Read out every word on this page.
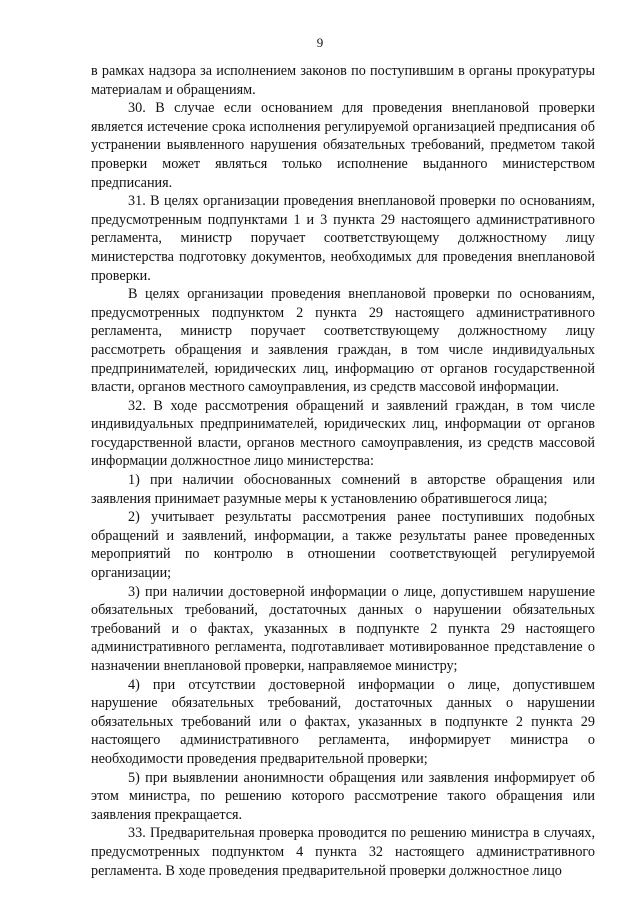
9

в рамках надзора за исполнением законов по поступившим в органы прокуратуры материалам и обращениям.

30. В случае если основанием для проведения внеплановой проверки является истечение срока исполнения регулируемой организацией предписания об устранении выявленного нарушения обязательных требований, предметом такой проверки может являться только исполнение выданного министерством предписания.

31. В целях организации проведения внеплановой проверки по основаниям, предусмотренным подпунктами 1 и 3 пункта 29 настоящего административного регламента, министр поручает соответствующему должностному лицу министерства подготовку документов, необходимых для проведения внеплановой проверки.

В целях организации проведения внеплановой проверки по основаниям, предусмотренных подпунктом 2 пункта 29 настоящего административного регламента, министр поручает соответствующему должностному лицу рассмотреть обращения и заявления граждан, в том числе индивидуальных предпринимателей, юридических лиц, информацию от органов государственной власти, органов местного самоуправления, из средств массовой информации.

32. В ходе рассмотрения обращений и заявлений граждан, в том числе индивидуальных предпринимателей, юридических лиц, информации от органов государственной власти, органов местного самоуправления, из средств массовой информации должностное лицо министерства:

1) при наличии обоснованных сомнений в авторстве обращения или заявления принимает разумные меры к установлению обратившегося лица;

2) учитывает результаты рассмотрения ранее поступивших подобных обращений и заявлений, информации, а также результаты ранее проведенных мероприятий по контролю в отношении соответствующей регулируемой организации;

3) при наличии достоверной информации о лице, допустившем нарушение обязательных требований, достаточных данных о нарушении обязательных требований и о фактах, указанных в подпункте 2 пункта 29 настоящего административного регламента, подготавливает мотивированное представление о назначении внеплановой проверки, направляемое министру;

4) при отсутствии достоверной информации о лице, допустившем нарушение обязательных требований, достаточных данных о нарушении обязательных требований или о фактах, указанных в подпункте 2 пункта 29 настоящего административного регламента, информирует министра о необходимости проведения предварительной проверки;

5) при выявлении анонимности обращения или заявления информирует об этом министра, по решению которого рассмотрение такого обращения или заявления прекращается.

33. Предварительная проверка проводится по решению министра в случаях, предусмотренных подпунктом 4 пункта 32 настоящего административного регламента. В ходе проведения предварительной проверки должностное лицо
